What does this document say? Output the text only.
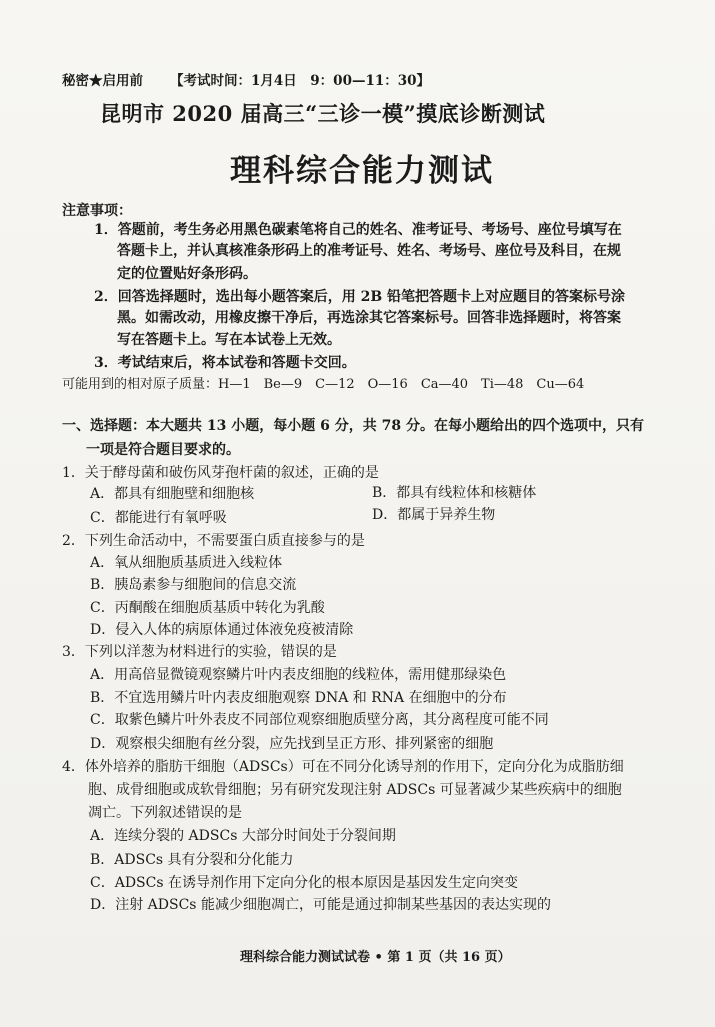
秘密★启用前 【考试时间：1月4日　9：00—11：30】
昆明市 2020 届高三“三诊一模”摸底诊断测试
理科综合能力测试
注意事项：
1．答题前，考生务必用黑色碳素笔将自己的姓名、准考证号、考场号、座位号填写在
答题卡上，并认真核准条形码上的准考证号、姓名、考场号、座位号及科目，在规
定的位置贴好条形码。
2．回答选择题时，选出每小题答案后，用 2B 铅笔把答题卡上对应题目的答案标号涂
黑。如需改动，用橡皮擦干净后，再选涂其它答案标号。回答非选择题时，将答案
写在答题卡上。写在本试卷上无效。
3．考试结束后，将本试卷和答题卡交回。
可能用到的相对原子质量：H—1　Be—9　C—12　O—16　Ca—40　Ti—48　Cu—64
一、选择题：本大题共 13 小题，每小题 6 分，共 78 分。在每小题给出的四个选项中，只有
一项是符合题目要求的。
1．关于酵母菌和破伤风芽孢杆菌的叙述，正确的是
A．都具有细胞壁和细胞核	B．都具有线粒体和核糖体
C．都能进行有氧呼吸	D．都属于异养生物
2．下列生命活动中，不需要蛋白质直接参与的是
A．氧从细胞质基质进入线粒体
B．胰岛素参与细胞间的信息交流
C．丙酮酸在细胞质基质中转化为乳酸
D．侵入人体的病原体通过体液免疫被清除
3．下列以洋葱为材料进行的实验，错误的是
A．用高倍显微镜观察鳞片叶内表皮细胞的线粒体，需用健那绿染色
B．不宜选用鳞片叶内表皮细胞观察 DNA 和 RNA 在细胞中的分布
C．取紫色鳞片叶外表皮不同部位观察细胞质壁分离，其分离程度可能不同
D．观察根尖细胞有丝分裂，应先找到呈正方形、排列紧密的细胞
4．体外培养的脂肪干细胞（ADSCs）可在不同分化诱导剂的作用下，定向分化为成脂肪细
胞、成骨细胞或成软骨细胞；另有研究发现注射 ADSCs 可显著减少某些疾病中的细胞
凋亡。下列叙述错误的是
A．连续分裂的 ADSCs 大部分时间处于分裂间期
B．ADSCs 具有分裂和分化能力
C．ADSCs 在诱导剂作用下定向分化的根本原因是基因发生定向突变
D．注射 ADSCs 能减少细胞凋亡，可能是通过抑制某些基因的表达实现的
理科综合能力测试试卷 • 第 1 页（共 16 页）
